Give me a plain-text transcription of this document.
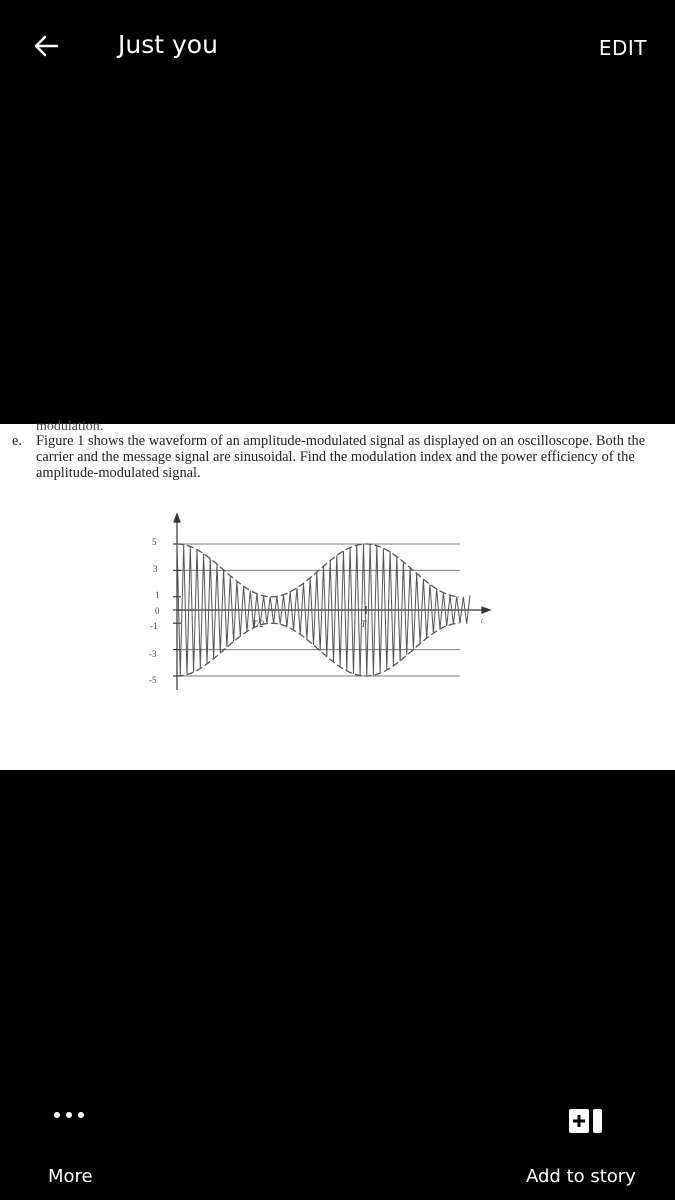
Just you	EDIT
modulation.
e. Figure 1 shows the waveform of an amplitude-modulated signal as displayed on an oscilloscope. Both the carrier and the message signal are sinusoidal. Find the modulation index and the power efficiency of the amplitude-modulated signal.
5
3
1
0
-1
-3
-5
T/2	T	t
More	Add to story
